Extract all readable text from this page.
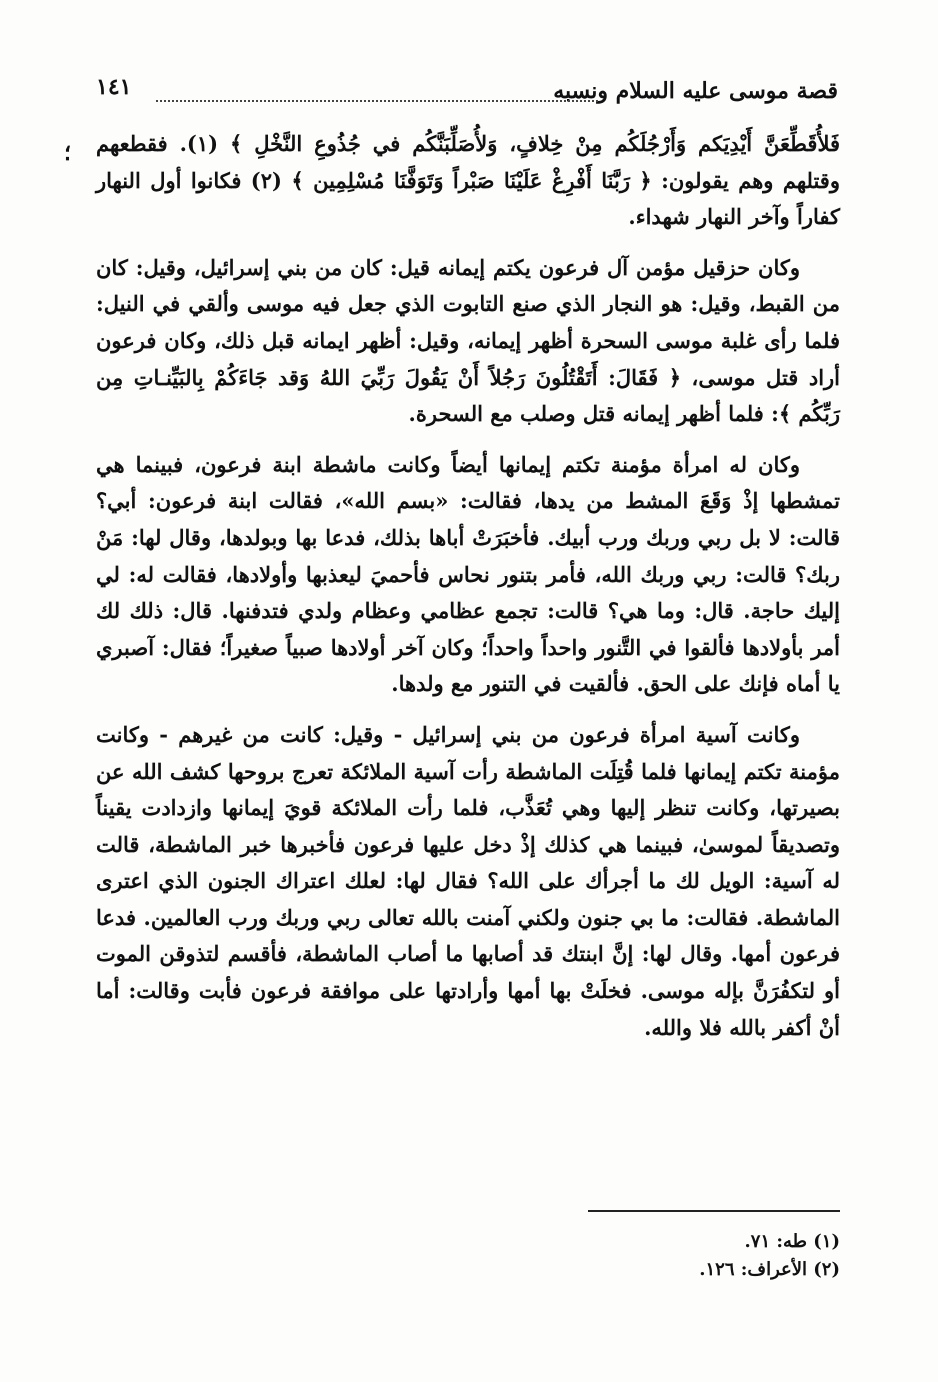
قصة موسى عليه السلام ونسبه
١٤١
؛ فَلأُقَطِّعَنَّ أَيْدِيَكم وَأَرْجُلَكُم مِنْ خِلافٍ، وَلأُصَلِّبَنَّكُم في جُذُوعِ النَّخْلِ ﴾ (١). فقطعهم وقتلهم وهم يقولون: ﴿ رَبَّنَا أَفْرِغْ عَلَيْنَا صَبْراً وَتَوَفَّنَا مُسْلِمِين ﴾ (٢) فكانوا أول النهار كفاراً وآخر النهار شهداء.

وكان حزقيل مؤمن آل فرعون يكتم إيمانه قيل: كان من بني إسرائيل، وقيل: كان من القبط، وقيل: هو النجار الذي صنع التابوت الذي جعل فيه موسى وألقي في النيل: فلما رأى غلبة موسى السحرة أظهر إيمانه، وقيل: أظهر ايمانه قبل ذلك، وكان فرعون أراد قتل موسى، ﴿ فَقَالَ: أَتَقْتُلُونَ رَجُلاً أَنْ يَقُولَ رَبِّيَ اللهُ وَقد جَاءَكُمْ بِالبَيِّنـاتِ مِن رَبِّكُم ﴾: فلما أظهر إيمانه قتل وصلب مع السحرة.

وكان له امرأة مؤمنة تكتم إيمانها أيضاً وكانت ماشطة ابنة فرعون، فبينما هي تمشطها إذْ وَقَعَ المشط من يدها، فقالت: «بسم الله»، فقالت ابنة فرعون: أبي؟ قالت: لا بل ربي وربك ورب أبيك. فأخبَرَتْ أباها بذلك، فدعا بها وبولدها، وقال لها: مَنْ ربك؟ قالت: ربي وربك الله، فأمر بتنور نحاس فأحميَ ليعذبها وأولادها، فقالت له: لي إليك حاجة. قال: وما هي؟ قالت: تجمع عظامي وعظام ولدي فتدفنها. قال: ذلك لك أمر بأولادها فألقوا في التَّنور واحداً واحداً؛ وكان آخر أولادها صبياً صغيراً؛ فقال: آصبري يا أماه فإنك على الحق. فألقيت في التنور مع ولدها.

وكانت آسية امرأة فرعون من بني إسرائيل - وقيل: كانت من غيرهم - وكانت مؤمنة تكتم إيمانها فلما قُتِلَت الماشطة رأت آسية الملائكة تعرج بروحها كشف الله عن بصيرتها، وكانت تنظر إليها وهي تُعَذَّب، فلما رأت الملائكة قويَ إيمانها وازدادت يقيناً وتصديقاً لموسىٰ، فبينما هي كذلك إذْ دخل عليها فرعون فأخبرها خبر الماشطة، قالت له آسية: الويل لك ما أجرأك على الله؟ فقال لها: لعلك اعتراك الجنون الذي اعترى الماشطة. فقالت: ما بي جنون ولكني آمنت بالله تعالى ربي وربك ورب العالمين. فدعا فرعون أمها. وقال لها: إنَّ ابنتك قد أصابها ما أصاب الماشطة، فأقسم لتذوقن الموت أو لتكفُرَنَّ بإله موسى. فخلَتْ بها أمها وأرادتها على موافقة فرعون فأبت وقالت: أما أنْ أكفر بالله فلا والله.

(١) طه: ٧١.
(٢) الأعراف: ١٢٦.
